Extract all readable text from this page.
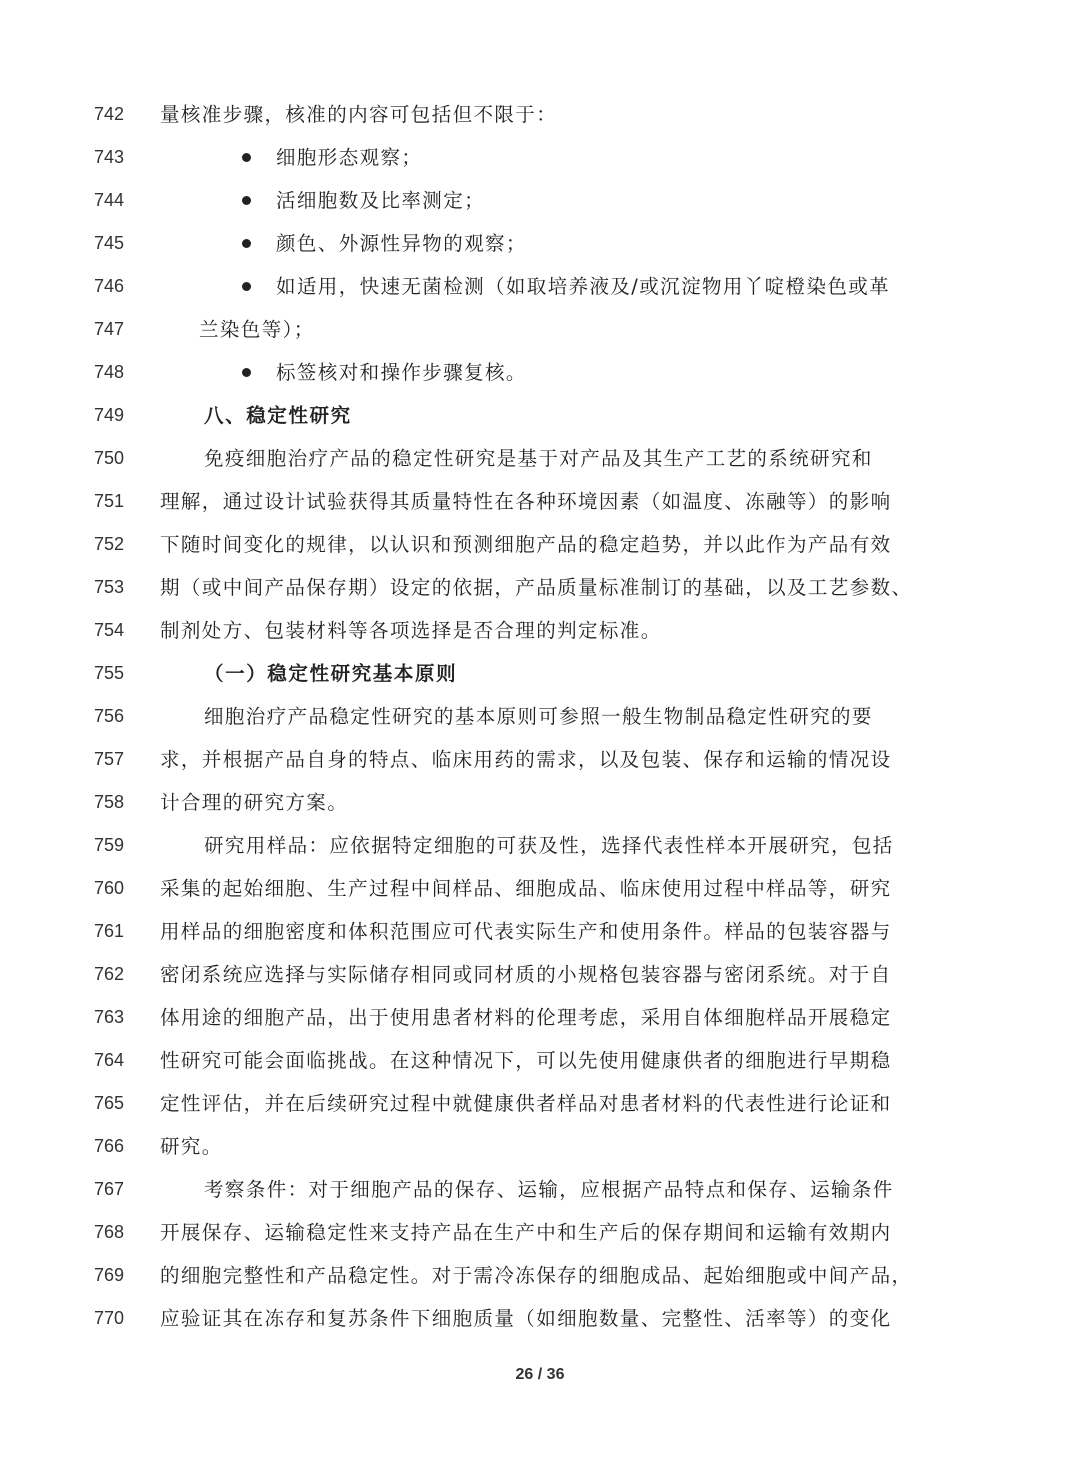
742	量核准步骤，核准的内容可包括但不限于：
743	细胞形态观察；
744	活细胞数及比率测定；
745	颜色、外源性异物的观察；
746	如适用，快速无菌检测（如取培养液及/或沉淀物用丫啶橙染色或革
747	兰染色等）；
748	标签核对和操作步骤复核。
749	八、稳定性研究
750	免疫细胞治疗产品的稳定性研究是基于对产品及其生产工艺的系统研究和
751	理解，通过设计试验获得其质量特性在各种环境因素（如温度、冻融等）的影响
752	下随时间变化的规律，以认识和预测细胞产品的稳定趋势，并以此作为产品有效
753	期（或中间产品保存期）设定的依据，产品质量标准制订的基础，以及工艺参数、
754	制剂处方、包装材料等各项选择是否合理的判定标准。
755	（一）稳定性研究基本原则
756	细胞治疗产品稳定性研究的基本原则可参照一般生物制品稳定性研究的要
757	求，并根据产品自身的特点、临床用药的需求，以及包装、保存和运输的情况设
758	计合理的研究方案。
759	研究用样品：应依据特定细胞的可获及性，选择代表性样本开展研究，包括
760	采集的起始细胞、生产过程中间样品、细胞成品、临床使用过程中样品等，研究
761	用样品的细胞密度和体积范围应可代表实际生产和使用条件。样品的包装容器与
762	密闭系统应选择与实际储存相同或同材质的小规格包装容器与密闭系统。对于自
763	体用途的细胞产品，出于使用患者材料的伦理考虑，采用自体细胞样品开展稳定
764	性研究可能会面临挑战。在这种情况下，可以先使用健康供者的细胞进行早期稳
765	定性评估，并在后续研究过程中就健康供者样品对患者材料的代表性进行论证和
766	研究。
767	考察条件：对于细胞产品的保存、运输，应根据产品特点和保存、运输条件
768	开展保存、运输稳定性来支持产品在生产中和生产后的保存期间和运输有效期内
769	的细胞完整性和产品稳定性。对于需冷冻保存的细胞成品、起始细胞或中间产品，
770	应验证其在冻存和复苏条件下细胞质量（如细胞数量、完整性、活率等）的变化
26 / 36
